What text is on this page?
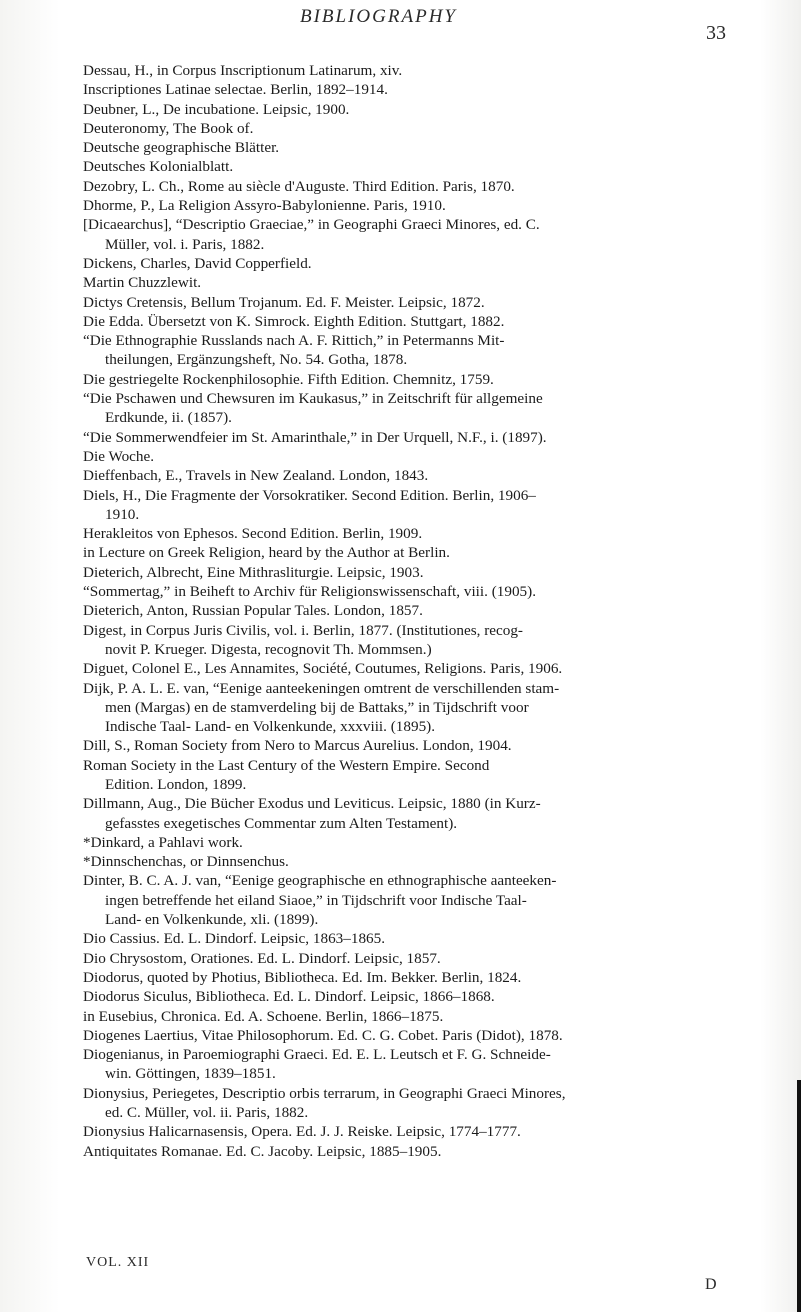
BIBLIOGRAPHY
33

Dessau, H., in Corpus Inscriptionum Latinarum, xiv.

Inscriptiones Latinae selectae. Berlin, 1892–1914.

Deubner, L., De incubatione. Leipsic, 1900.

Deuteronomy, The Book of.

Deutsche geographische Blätter.

Deutsches Kolonialblatt.

Dezobry, L. Ch., Rome au siècle d'Auguste. Third Edition. Paris, 1870.

Dhorme, P., La Religion Assyro-Babylonienne. Paris, 1910.

[Dicaearchus], “Descriptio Graeciae,” in Geographi Graeci Minores, ed. C.
Müller, vol. i. Paris, 1882.

Dickens, Charles, David Copperfield.

Martin Chuzzlewit.

Dictys Cretensis, Bellum Trojanum. Ed. F. Meister. Leipsic, 1872.

Die Edda. Übersetzt von K. Simrock. Eighth Edition. Stuttgart, 1882.

“Die Ethnographie Russlands nach A. F. Rittich,” in Petermanns Mit-
theilungen, Ergänzungsheft, No. 54. Gotha, 1878.

Die gestriegelte Rockenphilosophie. Fifth Edition. Chemnitz, 1759.

“Die Pschawen und Chewsuren im Kaukasus,” in Zeitschrift für allgemeine
Erdkunde, ii. (1857).

“Die Sommerwendfeier im St. Amarinthale,” in Der Urquell, N.F., i. (1897).

Die Woche.

Dieffenbach, E., Travels in New Zealand. London, 1843.

Diels, H., Die Fragmente der Vorsokratiker. Second Edition. Berlin, 1906–
1910.

Herakleitos von Ephesos. Second Edition. Berlin, 1909.

in Lecture on Greek Religion, heard by the Author at Berlin.

Dieterich, Albrecht, Eine Mithrasliturgie. Leipsic, 1903.

“Sommertag,” in Beiheft to Archiv für Religionswissenschaft, viii. (1905).

Dieterich, Anton, Russian Popular Tales. London, 1857.

Digest, in Corpus Juris Civilis, vol. i. Berlin, 1877. (Institutiones, recog-
novit P. Krueger. Digesta, recognovit Th. Mommsen.)

Diguet, Colonel E., Les Annamites, Société, Coutumes, Religions. Paris, 1906.

Dijk, P. A. L. E. van, “Eenige aanteekeningen omtrent de verschillenden stam-
men (Margas) en de stamverdeling bij de Battaks,” in Tijdschrift voor
Indische Taal- Land- en Volkenkunde, xxxviii. (1895).

Dill, S., Roman Society from Nero to Marcus Aurelius. London, 1904.

Roman Society in the Last Century of the Western Empire. Second
Edition. London, 1899.

Dillmann, Aug., Die Bücher Exodus und Leviticus. Leipsic, 1880 (in Kurz-
gefasstes exegetisches Commentar zum Alten Testament).

*Dinkard, a Pahlavi work.

*Dinnschenchas, or Dinnsenchus.

Dinter, B. C. A. J. van, “Eenige geographische en ethnographische aanteeken-
ingen betreffende het eiland Siaoe,” in Tijdschrift voor Indische Taal-
Land- en Volkenkunde, xli. (1899).

Dio Cassius. Ed. L. Dindorf. Leipsic, 1863–1865.

Dio Chrysostom, Orationes. Ed. L. Dindorf. Leipsic, 1857.

Diodorus, quoted by Photius, Bibliotheca. Ed. Im. Bekker. Berlin, 1824.

Diodorus Siculus, Bibliotheca. Ed. L. Dindorf. Leipsic, 1866–1868.

in Eusebius, Chronica. Ed. A. Schoene. Berlin, 1866–1875.

Diogenes Laertius, Vitae Philosophorum. Ed. C. G. Cobet. Paris (Didot), 1878.

Diogenianus, in Paroemiographi Graeci. Ed. E. L. Leutsch et F. G. Schneide-
win. Göttingen, 1839–1851.

Dionysius, Periegetes, Descriptio orbis terrarum, in Geographi Graeci Minores,
ed. C. Müller, vol. ii. Paris, 1882.

Dionysius Halicarnasensis, Opera. Ed. J. J. Reiske. Leipsic, 1774–1777.

Antiquitates Romanae. Ed. C. Jacoby. Leipsic, 1885–1905.

VOL. XII
D
